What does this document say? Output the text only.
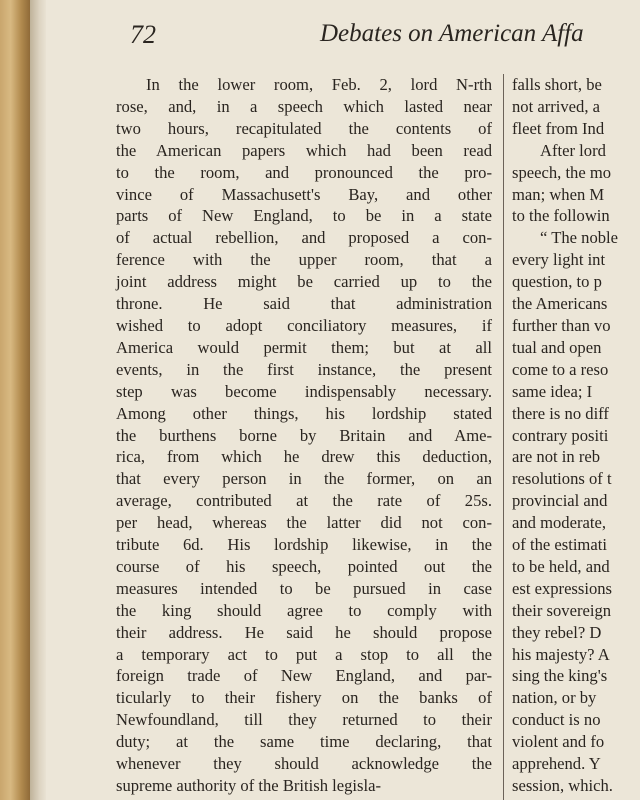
72	Debates on American Affa
In the lower room, Feb. 2, lord N-rth
rose, and, in a speech which lasted near
two hours, recapitulated the contents of
the American papers which had been read
to the room, and pronounced the pro-
vince of Massachusett's Bay, and other
parts of New England, to be in a state
of actual rebellion, and proposed a con-
ference with the upper room, that a
joint address might be carried up to the
throne. He said that administration
wished to adopt conciliatory measures, if
America would permit them; but at all
events, in the first instance, the present
step was become indispensably necessary.
Among other things, his lordship stated
the burthens borne by Britain and Ame-
rica, from which he drew this deduction,
that every person in the former, on an
average, contributed at the rate of 25s.
per head, whereas the latter did not con-
tribute 6d. His lordship likewise, in the
course of his speech, pointed out the
measures intended to be pursued in case
the king should agree to comply with
their address. He said he should propose
a temporary act to put a stop to all the
foreign trade of New England, and par-
ticularly to their fishery on the banks of
Newfoundland, till they returned to their
duty; at the same time declaring, that
whenever they should acknowledge the
supreme authority of the British legisla-
falls short, be
not arrived, a
fleet from Ind
After lord
speech, the mo
man; when M
to the followin
“ The noble
every light int
question, to p
the Americans
further than vo
tual and open
come to a reso
same idea; I
there is no diff
contrary positi
are not in reb
resolutions of t
provincial and
and moderate,
of the estimati
to be held, and
est expressions
their sovereign
they rebel? D
his majesty? A
sing the king's
nation, or by
conduct is no
violent and fo
apprehend. Y
session, which.
